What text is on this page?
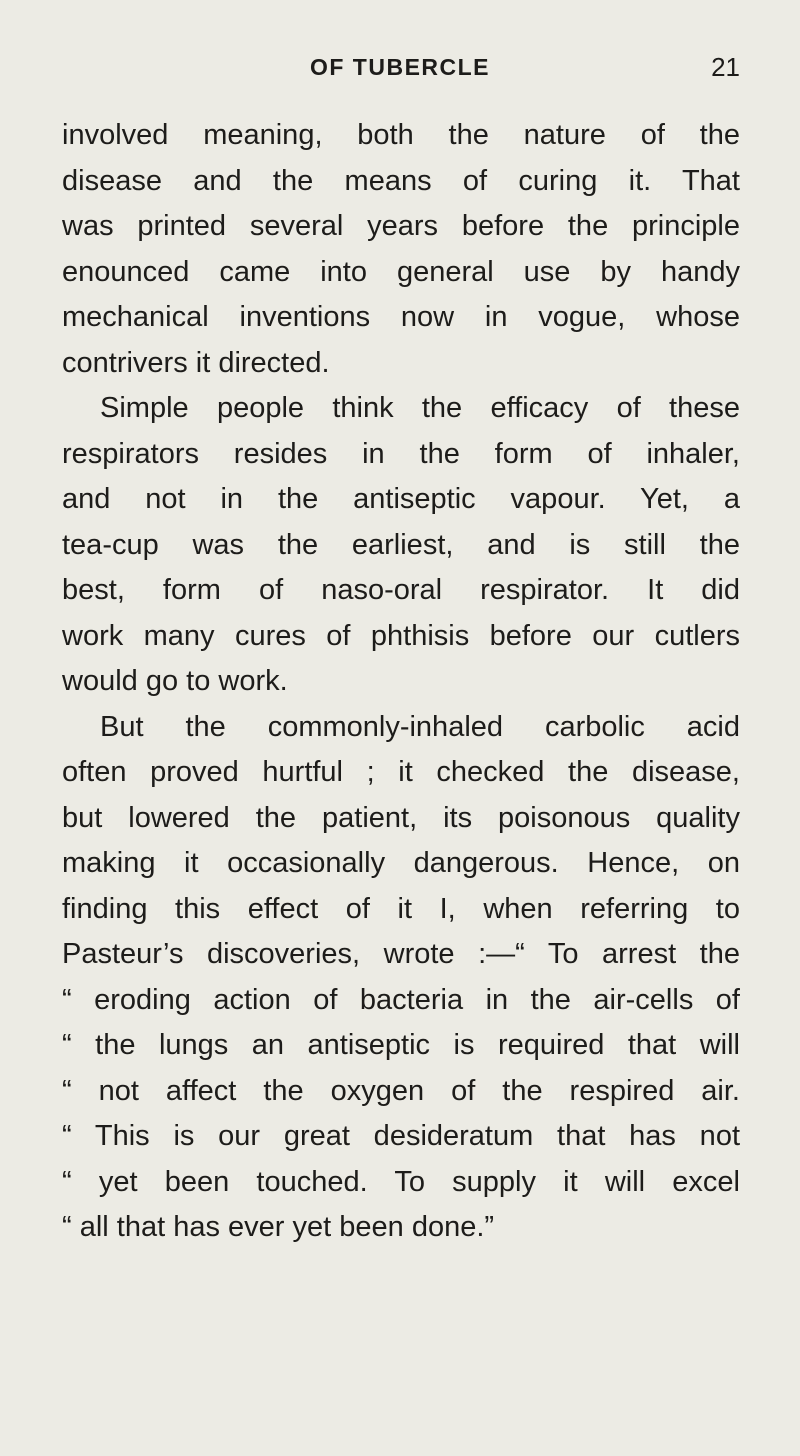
OF TUBERCLE	21
involved meaning, both the nature of the
disease and the means of curing it. That
was printed several years before the principle
enounced came into general use by handy
mechanical inventions now in vogue, whose
contrivers it directed.
Simple people think the efficacy of these
respirators resides in the form of inhaler,
and not in the antiseptic vapour. Yet, a
tea-cup was the earliest, and is still the
best, form of naso-oral respirator. It did
work many cures of phthisis before our cutlers
would go to work.
But the commonly-inhaled carbolic acid
often proved hurtful ; it checked the disease,
but lowered the patient, its poisonous quality
making it occasionally dangerous. Hence, on
finding this effect of it I, when referring to
Pasteur’s discoveries, wrote :—“ To arrest the
“ eroding action of bacteria in the air-cells of
“ the lungs an antiseptic is required that will
“ not affect the oxygen of the respired air.
“ This is our great desideratum that has not
“ yet been touched. To supply it will excel
“ all that has ever yet been done.”
